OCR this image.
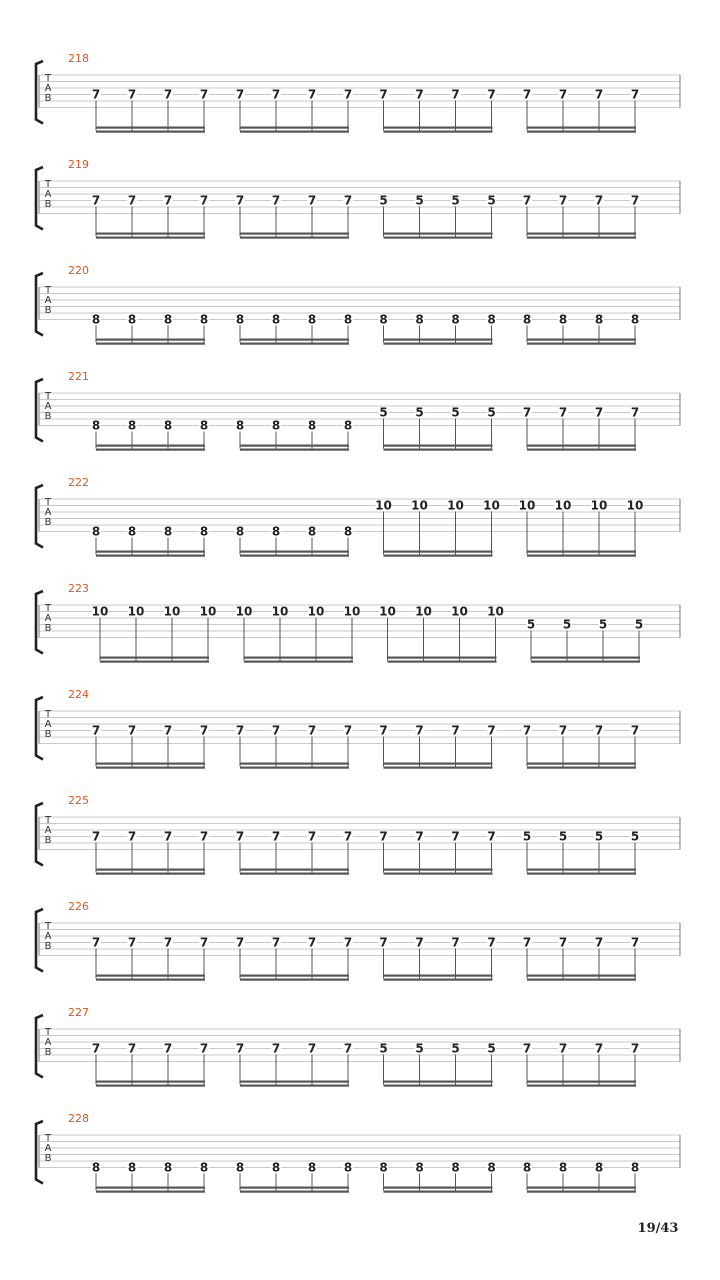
T
A
B
218
7 7 7 7 7 7 7 7 7 7 7 7 7 7 7 7
T
A
B
219
7 7 7 7 7 7 7 7 5 5 5 5 7 7 7 7
T
A
B
220
8 8 8 8 8 8 8 8 8 8 8 8 8 8 8 8
T
A
B
221
8 8 8 8 8 8 8 8
5 5 5 5 7 7 7 7
T
A
B
222
8 8 8 8 8 8 8 8
10 10 10 10 10 10 10 10
T
A
B
223
10 10 10 10 10 10 10 10 10 10 10 10
5 5 5 5
T
A
B
224
7 7 7 7 7 7 7 7 7 7 7 7 7 7 7 7
T
A
B
225
7 7 7 7 7 7 7 7 7 7 7 7 5 5 5 5
T
A
B
226
7 7 7 7 7 7 7 7 7 7 7 7 7 7 7 7
T
A
B
227
7 7 7 7 7 7 7 7 5 5 5 5 7 7 7 7
T
A
B
228
8 8 8 8 8 8 8 8 8 8 8 8 8 8 8 8
19/43
